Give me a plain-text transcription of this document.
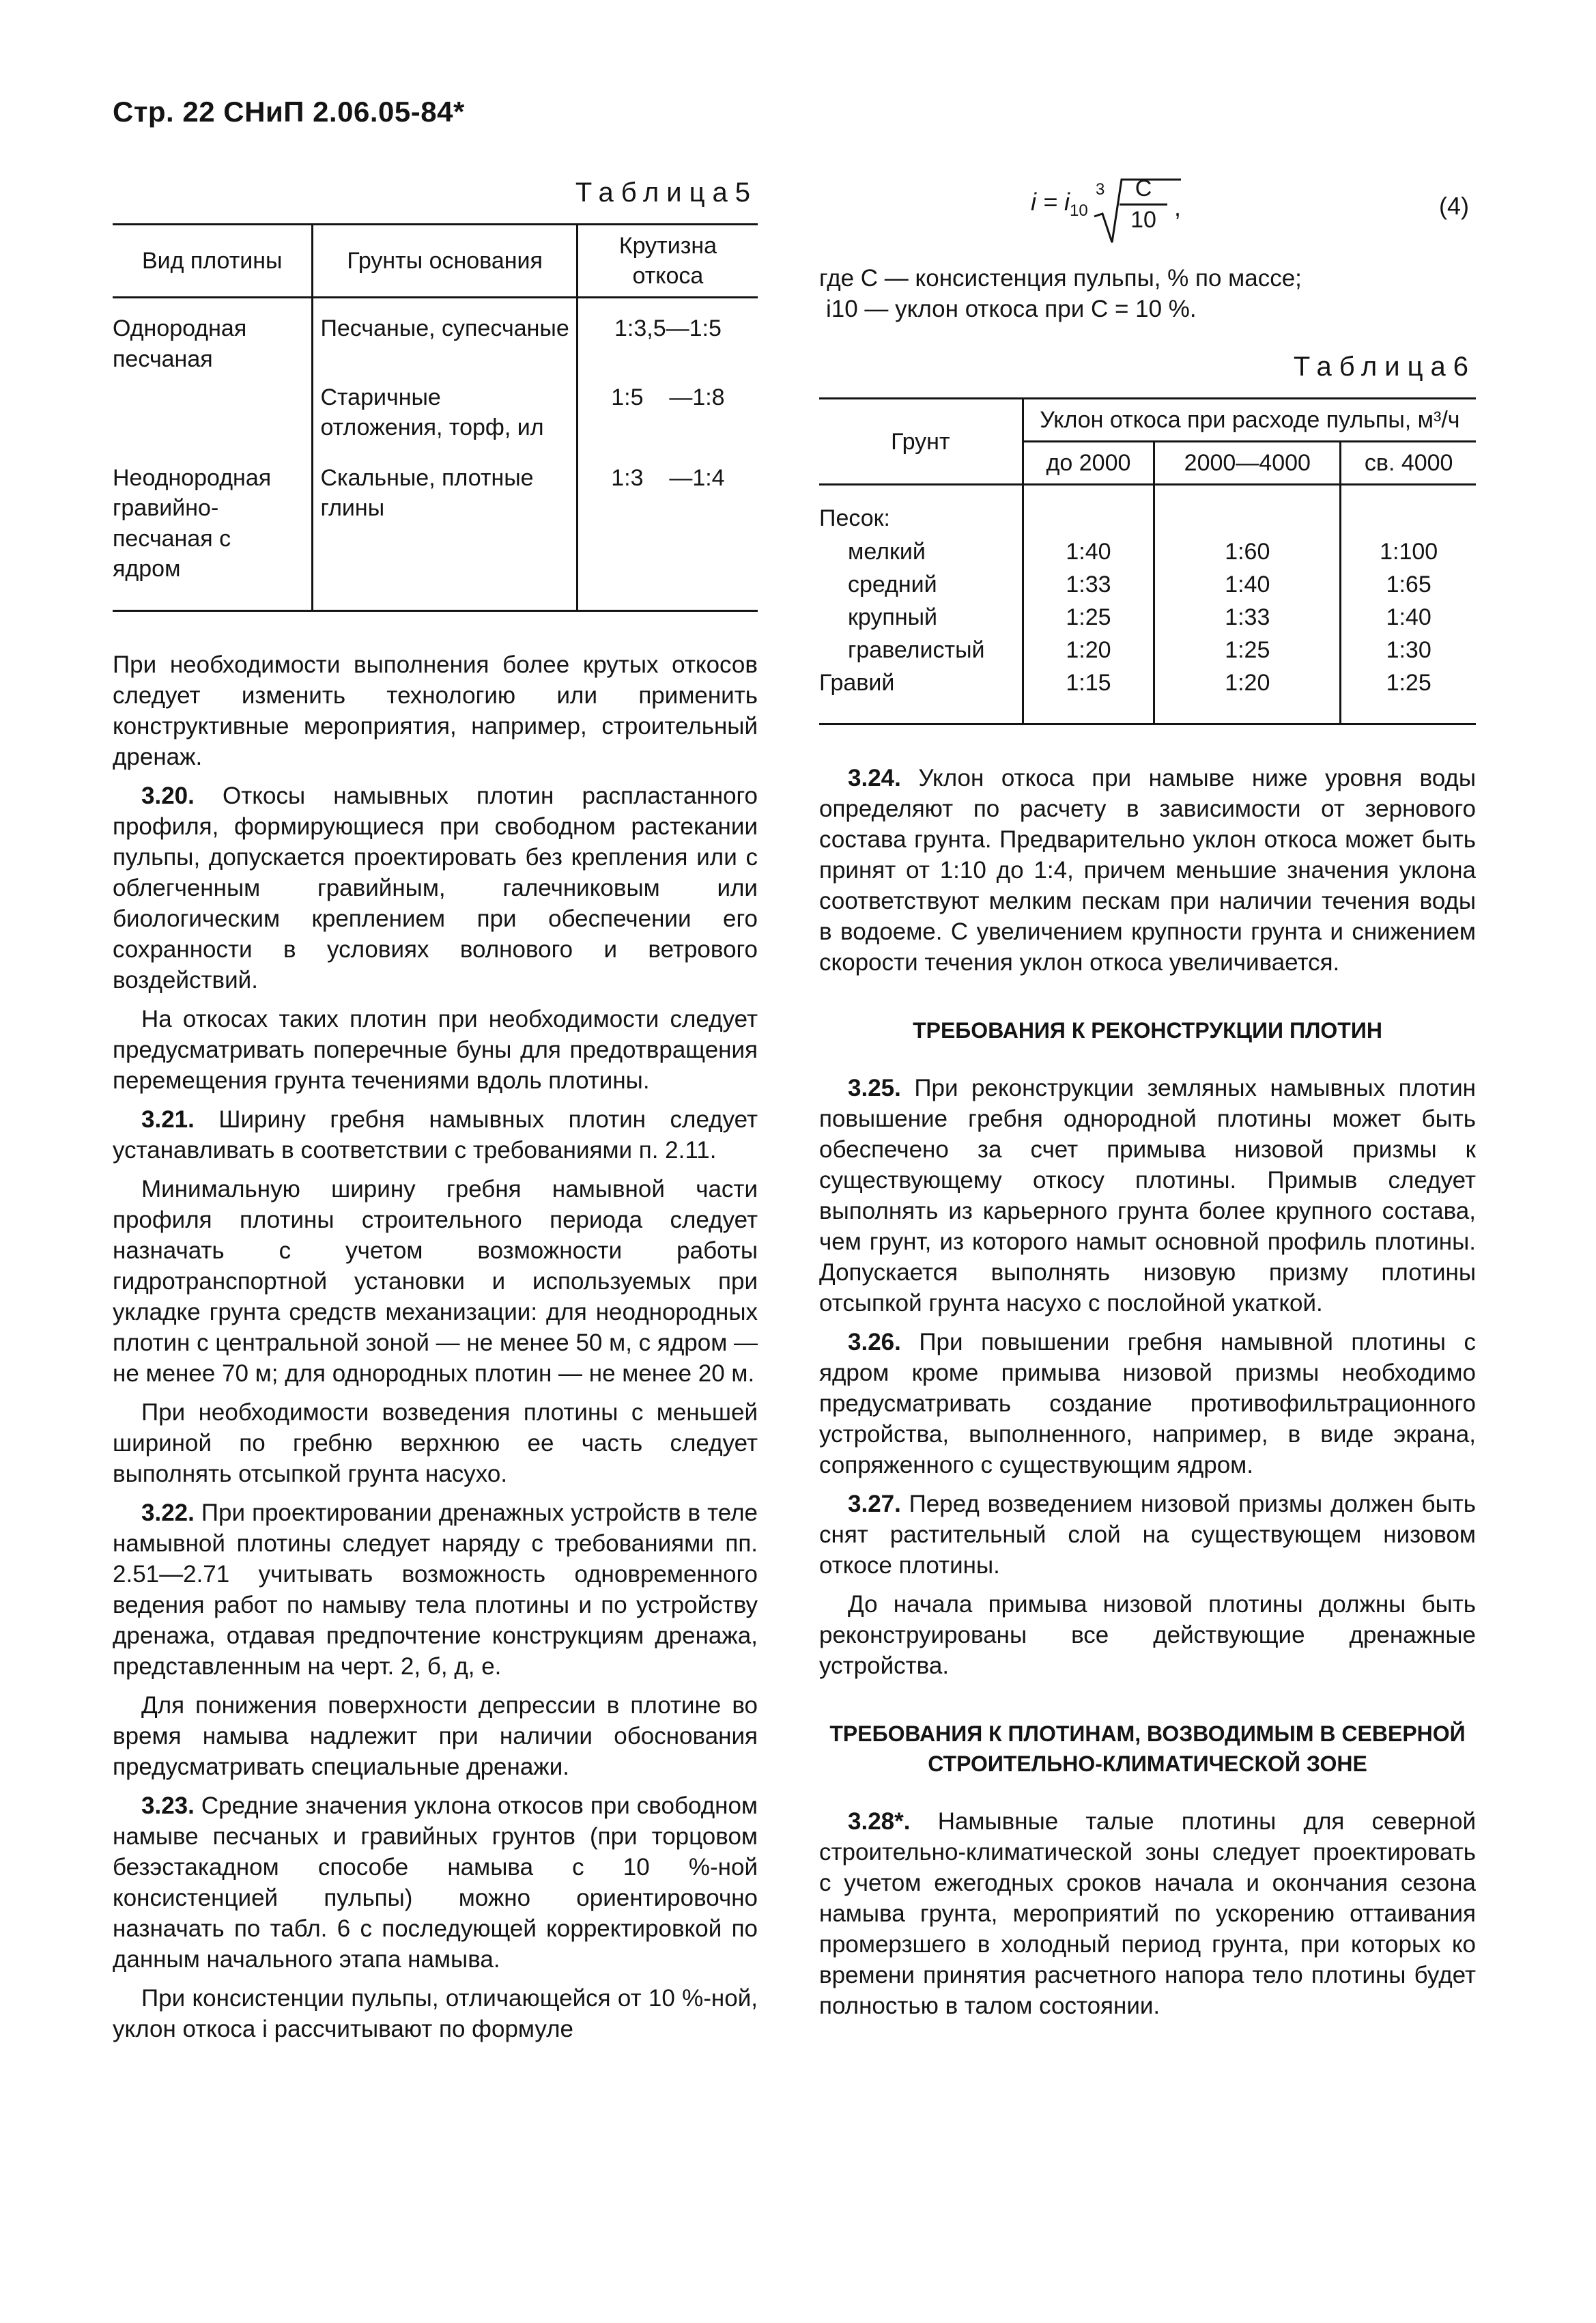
Стр. 22 СНиП 2.06.05-84*
Таблица5
Вид плотины	Грунты основания	Крутизна откоса
Однородная песчаная	Песчаные, супесчаные	1:3,5—1:5
	Старичные отложения, торф, ил	1:5    —1:8
Неоднородная гравийно-песчаная с ядром	Скальные, плотные глины	1:3    —1:4

При необходимости выполнения более крутых откосов следует изменить технологию или применить конструктивные мероприятия, например, строительный дренаж.

3.20. Откосы намывных плотин распластанного профиля, формирующиеся при свободном растекании пульпы, допускается проектировать без крепления или с облегченным гравийным, галечниковым или биологическим креплением при обеспечении его сохранности в условиях волнового и ветрового воздействий.

На откосах таких плотин при необходимости следует предусматривать поперечные буны для предотвращения перемещения грунта течениями вдоль плотины.

3.21. Ширину гребня намывных плотин следует устанавливать в соответствии с требованиями п. 2.11.

Минимальную ширину гребня намывной части профиля плотины строительного периода следует назначать с учетом возможности работы гидротранспортной установки и используемых при укладке грунта средств механизации: для неоднородных плотин с центральной зоной — не менее 50 м, с ядром — не менее 70 м; для однородных плотин — не менее 20 м.

При необходимости возведения плотины с меньшей шириной по гребню верхнюю ее часть следует выполнять отсыпкой грунта насухо.

3.22. При проектировании дренажных устройств в теле намывной плотины следует наряду с требованиями пп. 2.51—2.71 учитывать возможность одновременного ведения работ по намыву тела плотины и по устройству дренажа, отдавая предпочтение конструкциям дренажа, представленным на черт. 2, б, д, е.

Для понижения поверхности депрессии в плотине во время намыва надлежит при наличии обоснования предусматривать специальные дренажи.

3.23. Средние значения уклона откосов при свободном намыве песчаных и гравийных грунтов (при торцовом безэстакадном способе намыва с 10 %-ной консистенцией пульпы) можно ориентировочно назначать по табл. 6 с последующей корректировкой по данным начального этапа намыва.

При консистенции пульпы, отличающейся от 10 %-ной, уклон откоса i рассчитывают по формуле

$i = i_{10}$
3	C
10 ,	(4)
где С — консистенция пульпы, % по массе;
i10 — уклон откоса при С = 10 %.
Таблица6
Грунт	Уклон откоса при расходе пульпы, м³/ч		
	до 2000	2000—4000	св. 4000
Песок:			
мелкий	1:40	1:60	1:100
средний	1:33	1:40	1:65
крупный	1:25	1:33	1:40
гравелистый	1:20	1:25	1:30
Гравий	1:15	1:20	1:25

3.24. Уклон откоса при намыве ниже уровня воды определяют по расчету в зависимости от зернового состава грунта. Предварительно уклон откоса может быть принят от 1:10 до 1:4, причем меньшие значения уклона соответствуют мелким пескам при наличии течения воды в водоеме. С увеличением крупности грунта и снижением скорости течения уклон откоса увеличивается.

ТРЕБОВАНИЯ К РЕКОНСТРУКЦИИ ПЛОТИН

3.25. При реконструкции земляных намывных плотин повышение гребня однородной плотины может быть обеспечено за счет примыва низовой призмы к существующему откосу плотины. Примыв следует выполнять из карьерного грунта более крупного состава, чем грунт, из которого намыт основной профиль плотины. Допускается выполнять низовую призму плотины отсыпкой грунта насухо с послойной укаткой.

3.26. При повышении гребня намывной плотины с ядром кроме примыва низовой призмы необходимо предусматривать создание противофильтрационного устройства, выполненного, например, в виде экрана, сопряженного с существующим ядром.

3.27. Перед возведением низовой призмы должен быть снят растительный слой на существующем низовом откосе плотины.

До начала примыва низовой плотины должны быть реконструированы все действующие дренажные устройства.

ТРЕБОВАНИЯ К ПЛОТИНАМ, ВОЗВОДИМЫМ В СЕВЕРНОЙ СТРОИТЕЛЬНО-КЛИМАТИЧЕСКОЙ ЗОНЕ

3.28*. Намывные талые плотины для северной строительно-климатической зоны следует проектировать с учетом ежегодных сроков начала и окончания сезона намыва грунта, мероприятий по ускорению оттаивания промерзшего в холодный период грунта, при которых ко времени принятия расчетного напора тело плотины будет полностью в талом состоянии.
